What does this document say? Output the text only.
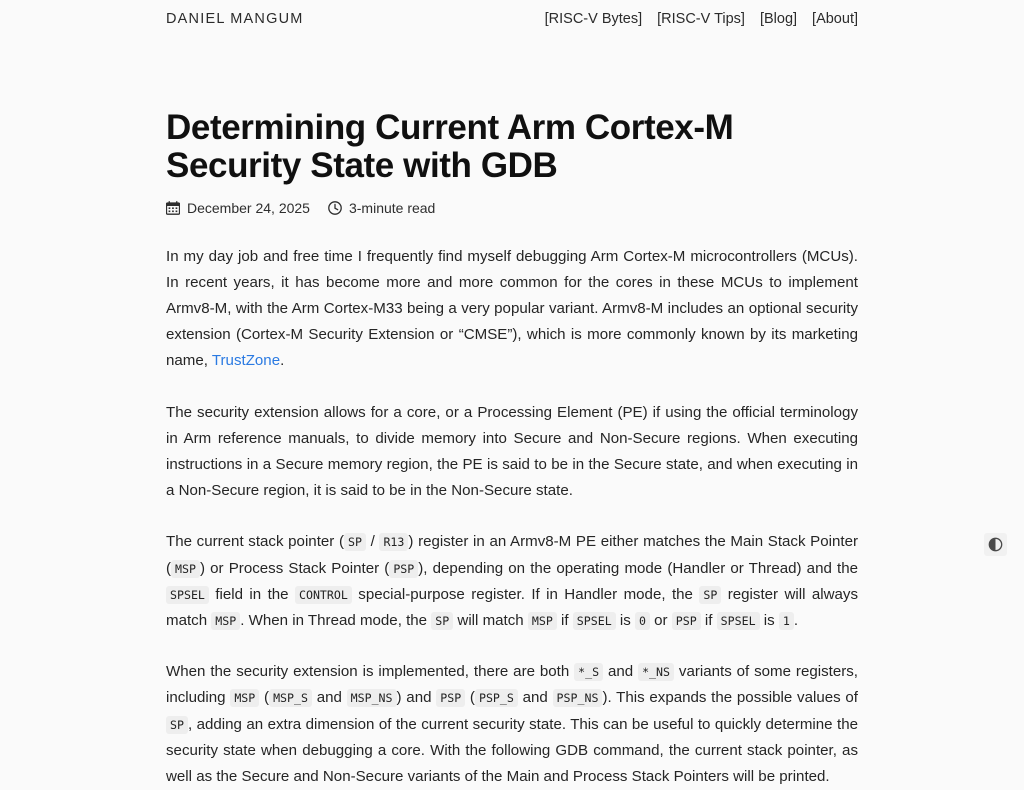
DANIEL MANGUM	[RISC-V Bytes] [RISC-V Tips] [Blog] [About]
Determining Current Arm Cortex-M Security State with GDB
December 24, 2025	3-minute read

In my day job and free time I frequently find myself debugging Arm Cortex-M microcontrollers (MCUs). In recent years, it has become more and more common for the cores in these MCUs to implement Armv8-M, with the Arm Cortex-M33 being a very popular variant. Armv8-M includes an optional security extension (Cortex-M Security Extension or “CMSE”), which is more commonly known by its marketing name, TrustZone.

The security extension allows for a core, or a Processing Element (PE) if using the official terminology in Arm reference manuals, to divide memory into Secure and Non-Secure regions. When executing instructions in a Secure memory region, the PE is said to be in the Secure state, and when executing in a Non-Secure region, it is said to be in the Non-Secure state.

The current stack pointer ( SP / R13 ) register in an Armv8-M PE either matches the Main Stack Pointer ( MSP ) or Process Stack Pointer ( PSP ), depending on the operating mode (Handler or Thread) and the SPSEL field in the CONTROL special-purpose register. If in Handler mode, the SP register will always match MSP . When in Thread mode, the SP will match MSP if SPSEL is 0 or PSP if SPSEL is 1 .

When the security extension is implemented, there are both *_S and *_NS variants of some registers, including MSP ( MSP_S and MSP_NS ) and PSP ( PSP_S and PSP_NS ). This expands the possible values of SP , adding an extra dimension of the current security state. This can be useful to quickly determine the security state when debugging a core. With the following GDB command, the current stack pointer, as well as the Secure and Non-Secure variants of the Main and Process Stack Pointers will be printed.
